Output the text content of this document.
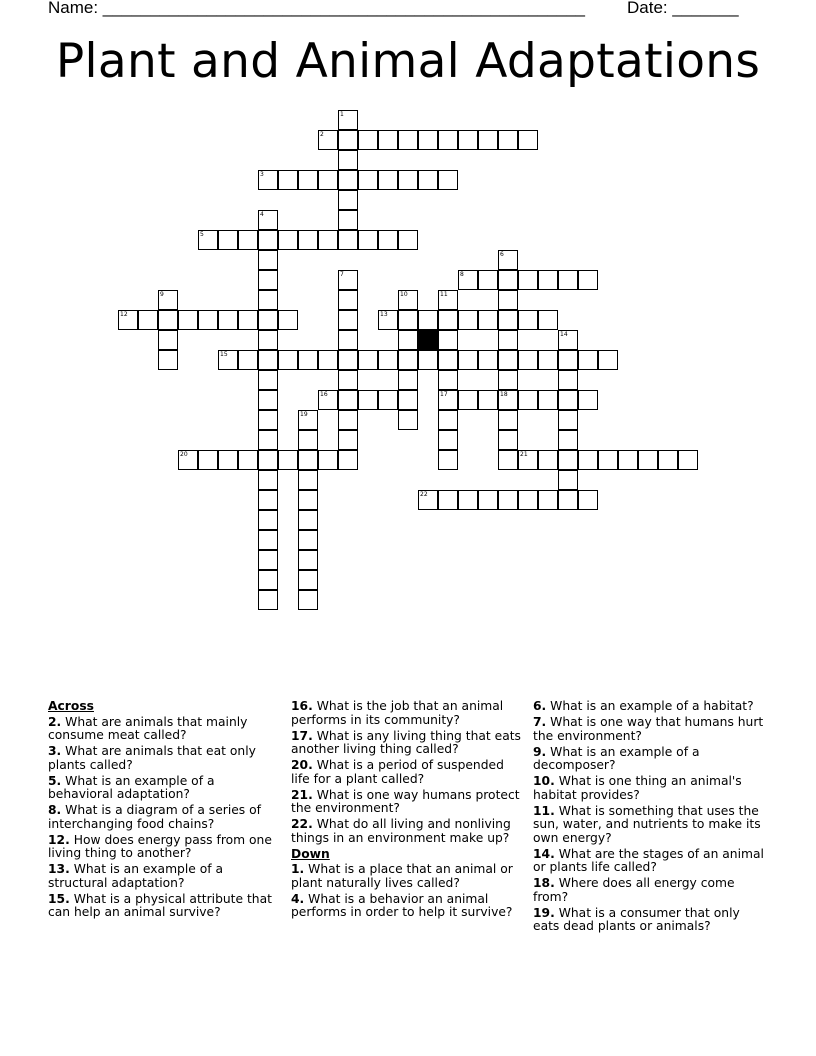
Name: ___________________________________________________ Date: _______
Plant and Animal Adaptations
1
2
3
4
5
6
18
7	8
9	10	11
17
12	13
14
15
16
19
20	21
22
Across
2. What are animals that mainly consume meat called?
3. What are animals that eat only plants called?
5. What is an example of a behavioral adaptation?
8. What is a diagram of a series of interchanging food chains?
12. How does energy pass from one living thing to another?
13. What is an example of a structural adaptation?
15. What is a physical attribute that can help an animal survive?
16. What is the job that an animal performs in its community?
17. What is any living thing that eats another living thing called?
20. What is a period of suspended life for a plant called?
21. What is one way humans protect the environment?
22. What do all living and nonliving things in an environment make up?
Down
1. What is a place that an animal or plant naturally lives called?
4. What is a behavior an animal performs in order to help it survive?
6. What is an example of a habitat?
7. What is one way that humans hurt the environment?
9. What is an example of a decomposer?
10. What is one thing an animal's habitat provides?
11. What is something that uses the sun, water, and nutrients to make its own energy?
14. What are the stages of an animal or plants life called?
18. Where does all energy come from?
19. What is a consumer that only eats dead plants or animals?
